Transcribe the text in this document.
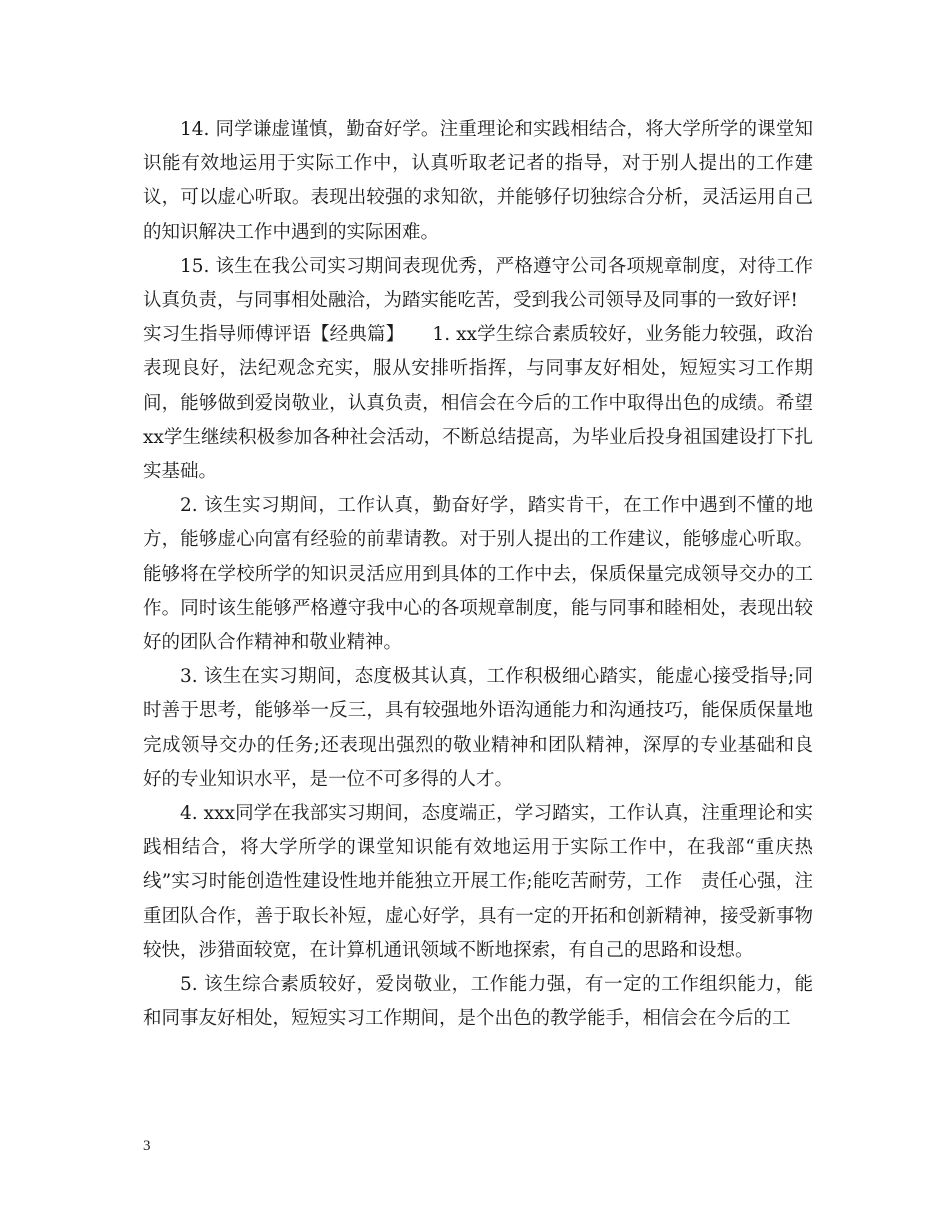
14. 同学谦虚谨慎，勤奋好学。注重理论和实践相结合，将大学所学的课堂知识能有效地运用于实际工作中，认真听取老记者的指导，对于别人提出的工作建议，可以虚心听取。表现出较强的求知欲，并能够仔切独综合分析，灵活运用自己的知识解决工作中遇到的实际困难。

15. 该生在我公司实习期间表现优秀，严格遵守公司各项规章制度，对待工作认真负责，与同事相处融洽，为踏实能吃苦，受到我公司领导及同事的一致好评!

实习生指导师傅评语【经典篇】　　1. xx学生综合素质较好，业务能力较强，政治表现良好，法纪观念充实，服从安排听指挥，与同事友好相处，短短实习工作期间，能够做到爱岗敬业，认真负责，相信会在今后的工作中取得出色的成绩。希望xx学生继续积极参加各种社会活动，不断总结提高，为毕业后投身祖国建设打下扎实基础。

2. 该生实习期间，工作认真，勤奋好学，踏实肯干，在工作中遇到不懂的地方，能够虚心向富有经验的前辈请教。对于别人提出的工作建议，能够虚心听取。能够将在学校所学的知识灵活应用到具体的工作中去，保质保量完成领导交办的工作。同时该生能够严格遵守我中心的各项规章制度，能与同事和睦相处，表现出较好的团队合作精神和敬业精神。

3. 该生在实习期间，态度极其认真，工作积极细心踏实，能虚心接受指导;同时善于思考，能够举一反三，具有较强地外语沟通能力和沟通技巧，能保质保量地完成领导交办的任务;还表现出强烈的敬业精神和团队精神，深厚的专业基础和良好的专业知识水平，是一位不可多得的人才。

4. xxx同学在我部实习期间，态度端正，学习踏实，工作认真，注重理论和实践相结合，将大学所学的课堂知识能有效地运用于实际工作中，在我部“重庆热线”实习时能创造性建设性地并能独立开展工作;能吃苦耐劳，工作　责任心强，注重团队合作，善于取长补短，虚心好学，具有一定的开拓和创新精神，接受新事物较快，涉猎面较宽，在计算机通讯领域不断地探索，有自己的思路和设想。

5. 该生综合素质较好，爱岗敬业，工作能力强，有一定的工作组织能力，能和同事友好相处，短短实习工作期间，是个出色的教学能手，相信会在今后的工

3
